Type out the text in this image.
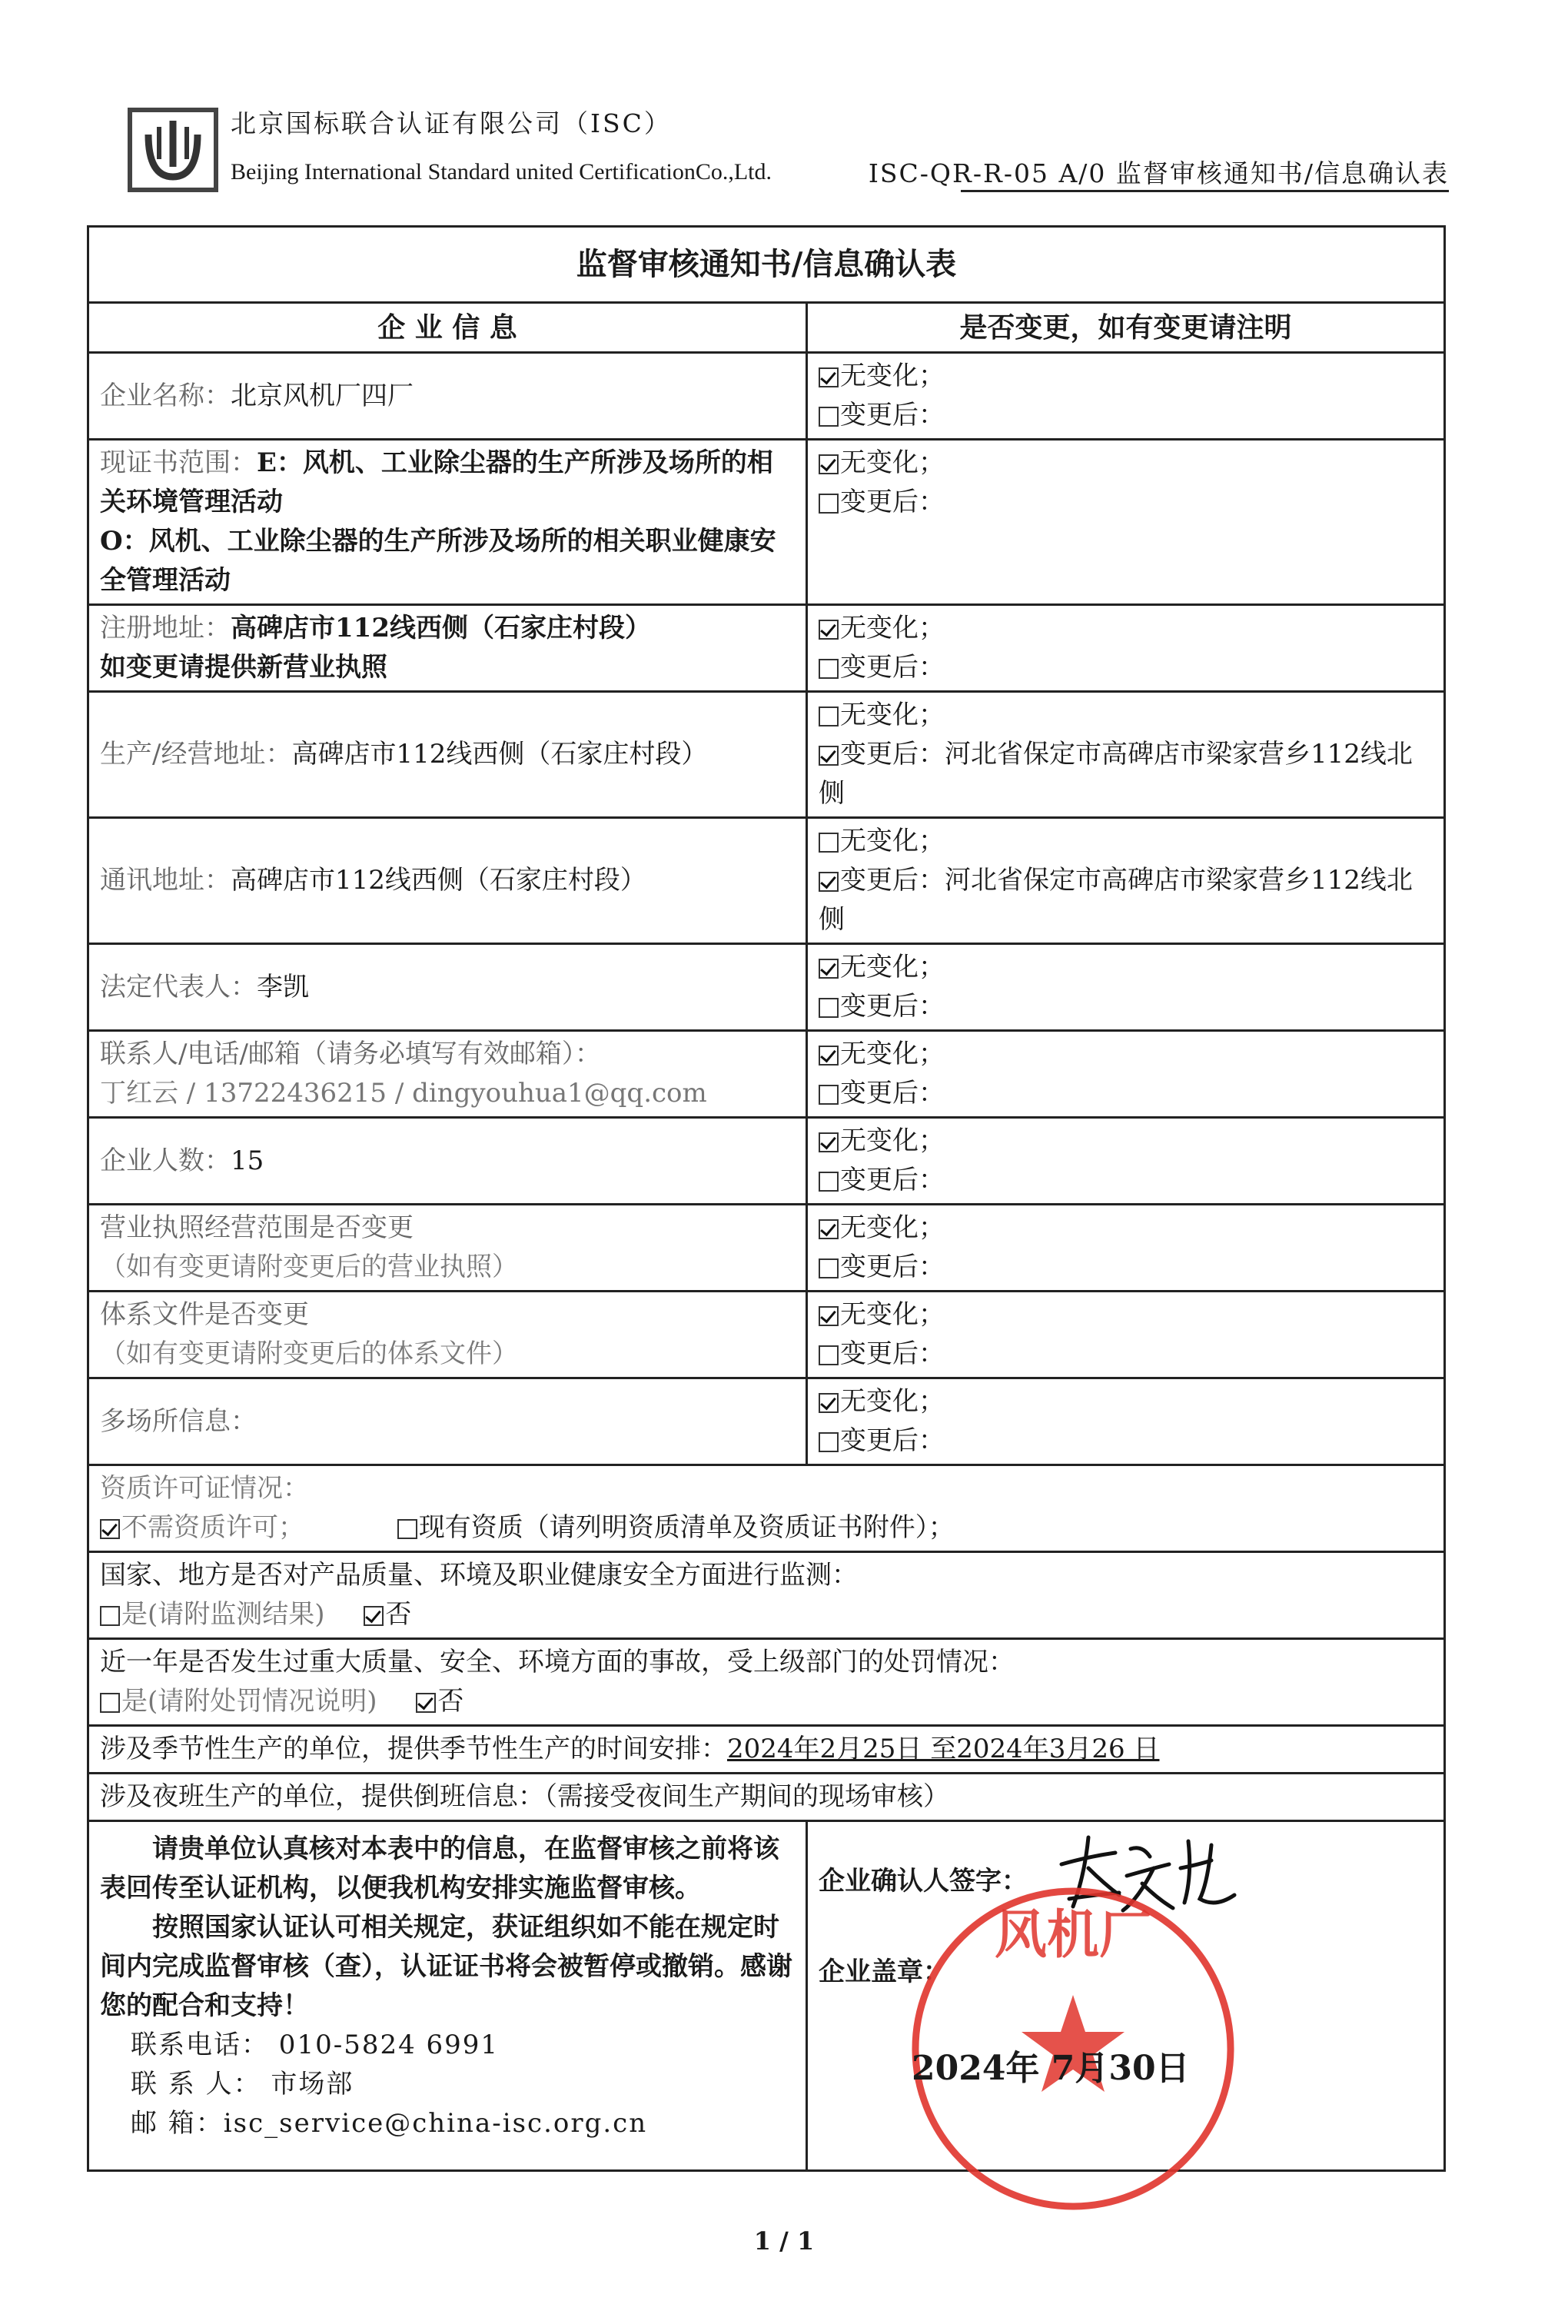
北京国标联合认证有限公司（ISC）
Beijing International Standard united CertificationCo.,Ltd.	ISC-QR-R-05 A/0 监督审核通知书/信息确认表
监督审核通知书/信息确认表	
企 业 信 息	是否变更，如有变更请注明
企业名称：北京风机厂四厂	无变化；
变更后：

现证书范围：E：风机、工业除尘器的生产所涉及场所的相关环境管理活动
O：风机、工业除尘器的生产所涉及场所的相关职业健康安全管理活动	无变化；
变更后：

注册地址：高碑店市112线西侧（石家庄村段）
如变更请提供新营业执照	无变化；
变更后：

生产/经营地址：高碑店市112线西侧（石家庄村段）	无变化；
变更后：河北省保定市高碑店市梁家营乡112线北侧

通讯地址：高碑店市112线西侧（石家庄村段）	无变化；
变更后：河北省保定市高碑店市梁家营乡112线北侧

法定代表人：李凯	无变化；
变更后：

联系人/电话/邮箱（请务必填写有效邮箱）：
丁红云 / 13722436215 / dingyouhua1@qq.com	无变化；
变更后：

企业人数：15	无变化；
变更后：

营业执照经营范围是否变更
（如有变更请附变更后的营业执照）	无变化；
变更后：

体系文件是否变更
（如有变更请附变更后的体系文件）	无变化；
变更后：

多场所信息：	无变化；
变更后：

资质许可证情况：
不需资质许可； 现有资质（请列明资质清单及资质证书附件）；	

国家、地方是否对产品质量、环境及职业健康安全方面进行监测：
是(请附监测结果) 否	

近一年是否发生过重大质量、安全、环境方面的事故，受上级部门的处罚情况：
是(请附处罚情况说明) 否	

涉及季节性生产的单位，提供季节性生产的时间安排：2024年2月25日 至2024年3月26 日	
涉及夜班生产的单位，提供倒班信息：（需接受夜间生产期间的现场审核）	

请贵单位认真核对本表中的信息，在监督审核之前将该表回传至认证机构，以便我机构安排实施监督审核。
按照国家认证认可相关规定，获证组织如不能在规定时间内完成监督审核（查），认证证书将会被暂停或撤销。感谢您的配合和支持！
联系电话： 010-5824 6991
联 系 人： 市场部
邮 箱：isc_service@china-isc.org.cn	企业确认人签字：
企业盖章：
风机厂
2024年 7月30日
1 / 1
